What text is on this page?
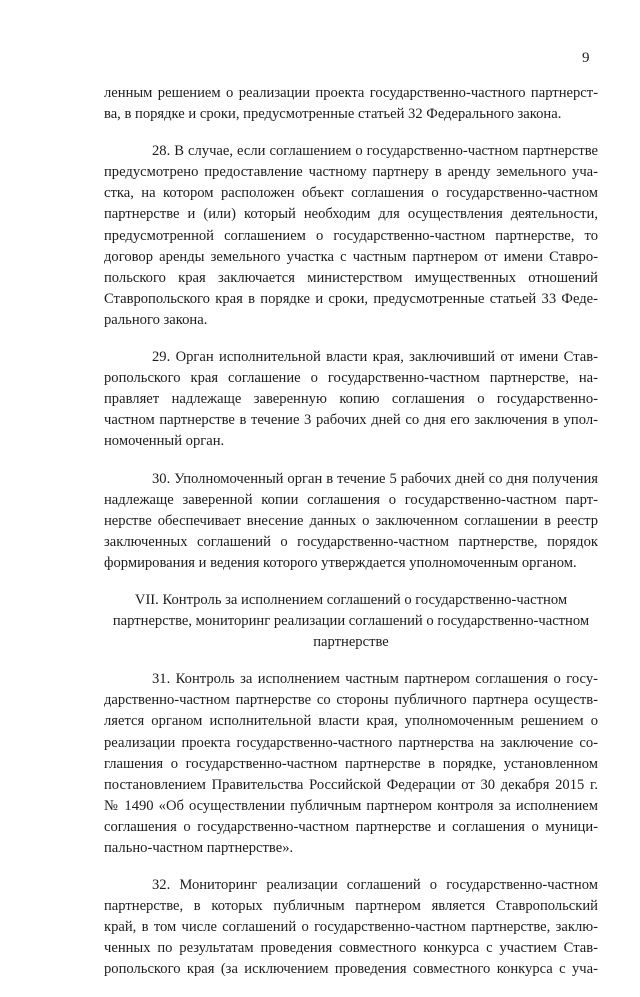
9
ленным решением о реализации проекта государственно-частного партнерст-
ва, в порядке и сроки, предусмотренные статьей 32 Федерального закона.
28. В случае, если соглашением о государственно-частном партнерстве
предусмотрено предоставление частному партнеру в аренду земельного уча-
стка, на котором расположен объект соглашения о государственно-частном
партнерстве и (или) который необходим для осуществления деятельности,
предусмотренной соглашением о государственно-частном партнерстве, то
договор аренды земельного участка с частным партнером от имени Ставро-
польского края заключается министерством имущественных отношений
Ставропольского края в порядке и сроки, предусмотренные статьей 33 Феде-
рального закона.
29. Орган исполнительной власти края, заключивший от имени Став-
ропольского края соглашение о государственно-частном партнерстве, на-
правляет надлежаще заверенную копию соглашения о государственно-
частном партнерстве в течение 3 рабочих дней со дня его заключения в упол-
номоченный орган.
30. Уполномоченный орган в течение 5 рабочих дней со дня получения
надлежаще заверенной копии соглашения о государственно-частном парт-
нерстве обеспечивает внесение данных о заключенном соглашении в реестр
заключенных соглашений о государственно-частном партнерстве, порядок
формирования и ведения которого утверждается уполномоченным органом.
VII. Контроль за исполнением соглашений о государственно-частном
партнерстве, мониторинг реализации соглашений о государственно-частном
партнерстве
31. Контроль за исполнением частным партнером соглашения о госу-
дарственно-частном партнерстве со стороны публичного партнера осуществ-
ляется органом исполнительной власти края, уполномоченным решением о
реализации проекта государственно-частного партнерства на заключение со-
глашения о государственно-частном партнерстве в порядке, установленном
постановлением Правительства Российской Федерации от 30 декабря 2015 г.
№ 1490 «Об осуществлении публичным партнером контроля за исполнением
соглашения о государственно-частном партнерстве и соглашения о муници-
пально-частном партнерстве».
32. Мониторинг реализации соглашений о государственно-частном
партнерстве, в которых публичным партнером является Ставропольский
край, в том числе соглашений о государственно-частном партнерстве, заклю-
ченных по результатам проведения совместного конкурса с участием Став-
ропольского края (за исключением проведения совместного конкурса с уча-
